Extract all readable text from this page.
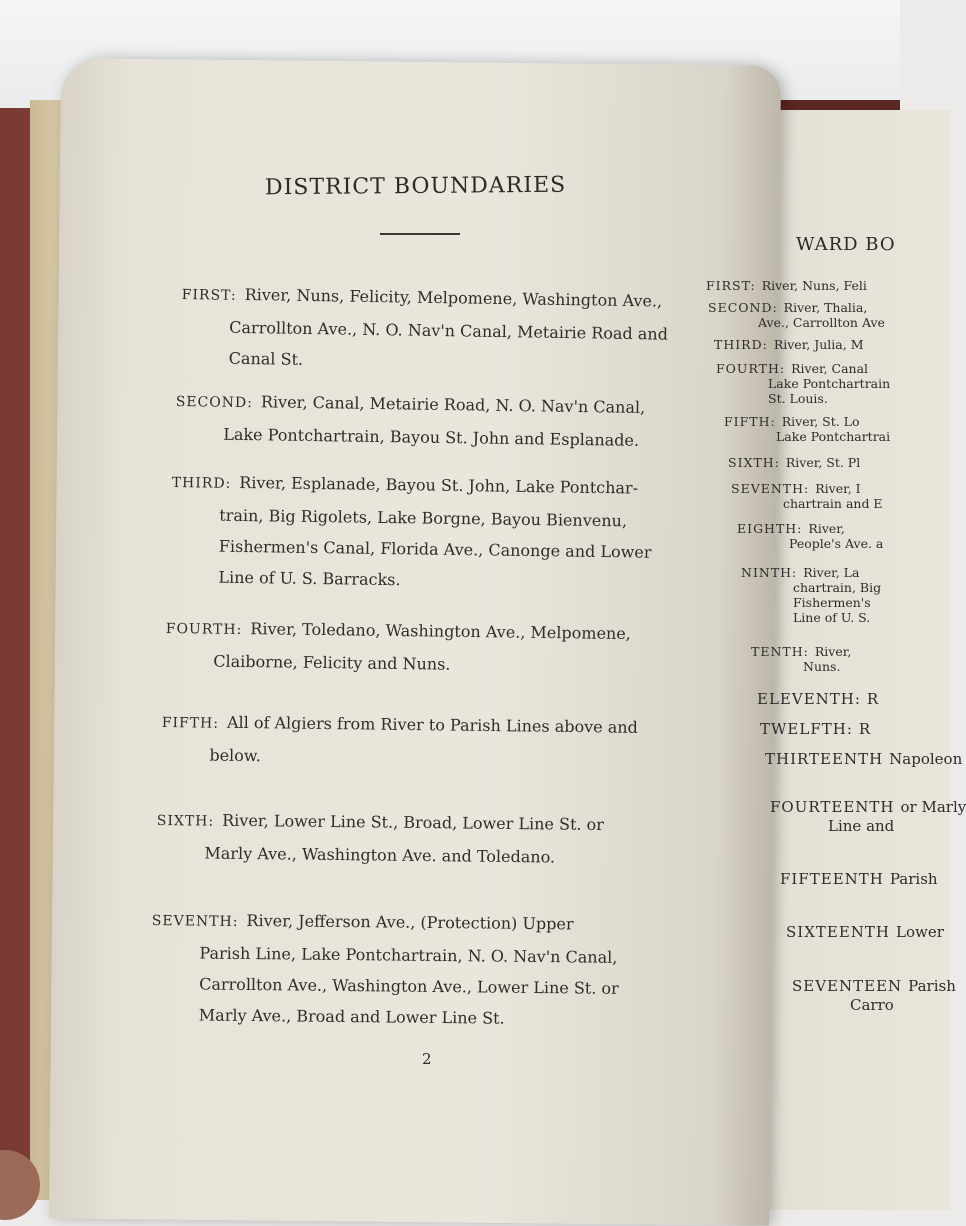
DISTRICT BOUNDARIES
FIRST: River, Nuns, Felicity, Melpomene, Washington Ave.,
Carrollton Ave., N. O. Nav'n Canal, Metairie Road and
Canal St.
SECOND: River, Canal, Metairie Road, N. O. Nav'n Canal,
Lake Pontchartrain, Bayou St. John and Esplanade.
THIRD: River, Esplanade, Bayou St. John, Lake Pontchar-
train, Big Rigolets, Lake Borgne, Bayou Bienvenu,
Fishermen's Canal, Florida Ave., Canonge and Lower
Line of U. S. Barracks.
FOURTH: River, Toledano, Washington Ave., Melpomene,
Claiborne, Felicity and Nuns.
FIFTH: All of Algiers from River to Parish Lines above and
below.
SIXTH: River, Lower Line St., Broad, Lower Line St. or
Marly Ave., Washington Ave. and Toledano.
SEVENTH: River, Jefferson Ave., (Protection) Upper
Parish Line, Lake Pontchartrain, N. O. Nav'n Canal,
Carrollton Ave., Washington Ave., Lower Line St. or
Marly Ave., Broad and Lower Line St.
2
WARD BO
FIRST: River, Nuns, Feli
SECOND: River, Thalia,
Ave., Carrollton Ave
THIRD: River, Julia, M
FOURTH: River, Canal
Lake Pontchartrain
St. Louis.
FIFTH: River, St. Lo
Lake Pontchartrai
SIXTH: River, St. Pl
SEVENTH: River, I
chartrain and E
EIGHTH: River,
People's Ave. a
NINTH: River, La
chartrain, Big
Fishermen's
Line of U. S.
TENTH: River,
Nuns.
ELEVENTH: R
TWELFTH: R
THIRTEENTH Napoleon
FOURTEENTH or Marly
Line and
FIFTEENTH Parish
SIXTEENTH Lower
SEVENTEEN Parish
Carro
